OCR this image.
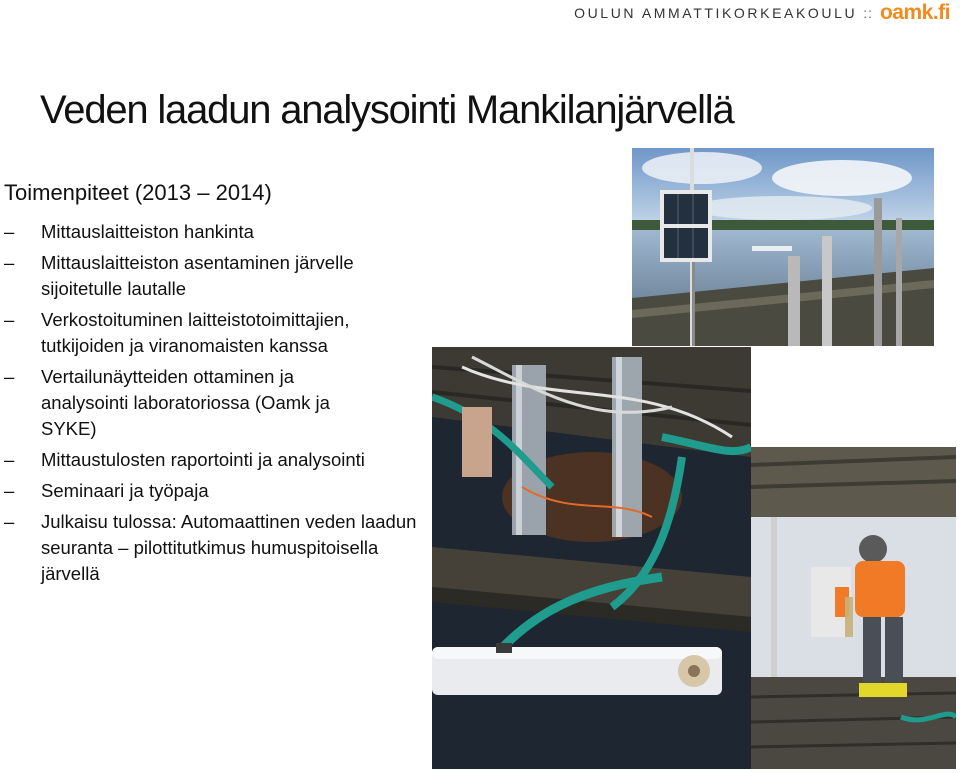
OULUN AMMATTIKORKEAKOULU :: oamk.fi
Veden laadun analysointi Mankilanjärvellä
Toimenpiteet (2013 – 2014)
– Mittauslaitteiston hankinta
– Mittauslaitteiston asentaminen järvelle sijoitetulle lautalle
– Verkostoituminen laitteistotoimittajien, tutkijoiden ja viranomaisten kanssa
– Vertailunäytteiden ottaminen ja analysointi laboratoriossa (Oamk ja SYKE)
– Mittaustulosten raportointi ja analysointi
– Seminaari ja työpaja
– Julkaisu tulossa: Automaattinen veden laadun seuranta – pilottitutkimus humuspitoisella järvellä
